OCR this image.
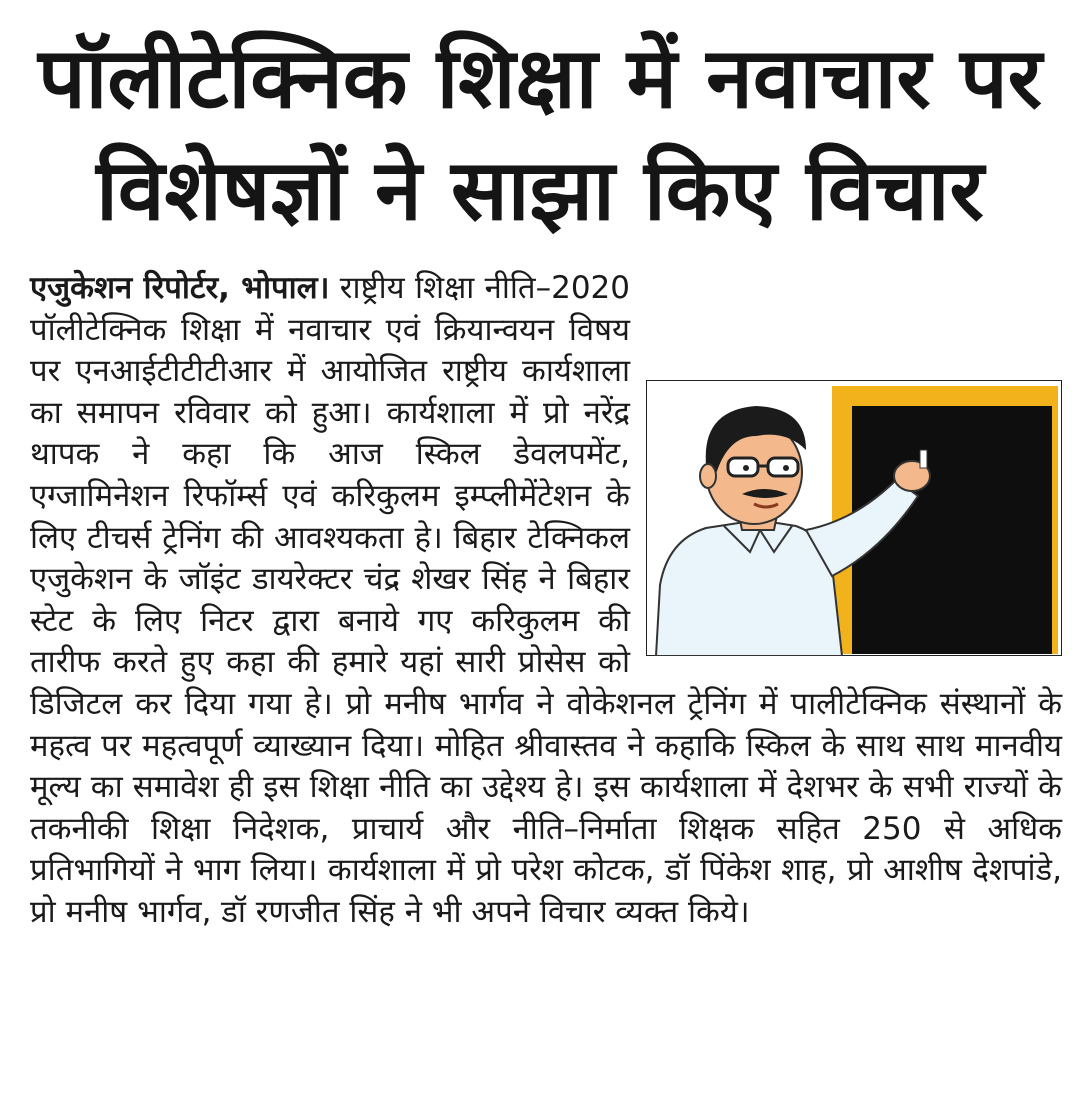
पॉलीटेक्निक शिक्षा में नवाचार पर
विशेषज्ञों ने साझा किए विचार
एजुकेशन रिपोर्टर, भोपाल। राष्ट्रीय शिक्षा नीति–2020 पॉलीटेक्निक शिक्षा में नवाचार एवं क्रियान्वयन विषय पर एनआईटीटीटीआर में आयोजित राष्ट्रीय कार्यशाला का समापन रविवार को हुआ। कार्यशाला में प्रो नरेंद्र थापक ने कहा कि आज स्किल डेवलपमेंट, एग्जामिनेशन रिफॉर्म्स एवं करिकुलम इम्प्लीमेंटेशन के लिए टीचर्स ट्रेनिंग की आवश्यकता हे। बिहार टेक्निकल एजुकेशन के जॉइंट डायरेक्टर चंद्र शेखर सिंह ने बिहार स्टेट के लिए निटर द्वारा बनाये गए करिकुलम की तारीफ करते हुए कहा की हमारे यहां सारी प्रोसेस को डिजिटल कर दिया गया हे। प्रो मनीष भार्गव ने वोकेशनल ट्रेनिंग में पालीटेक्निक संस्थानों के महत्व पर महत्वपूर्ण व्याख्यान दिया। मोहित श्रीवास्तव ने कहाकि स्किल के साथ साथ मानवीय मूल्य का समावेश ही इस शिक्षा नीति का उद्देश्य हे। इस कार्यशाला में देशभर के सभी राज्यों के तकनीकी शिक्षा निदेशक, प्राचार्य और नीति–निर्माता शिक्षक सहित 250 से अधिक प्रतिभागियों ने भाग लिया। कार्यशाला में प्रो परेश कोटक, डॉ पिंकेश शाह, प्रो आशीष देशपांडे, प्रो मनीष भार्गव, डॉ रणजीत सिंह ने भी अपने विचार व्यक्त किये।
